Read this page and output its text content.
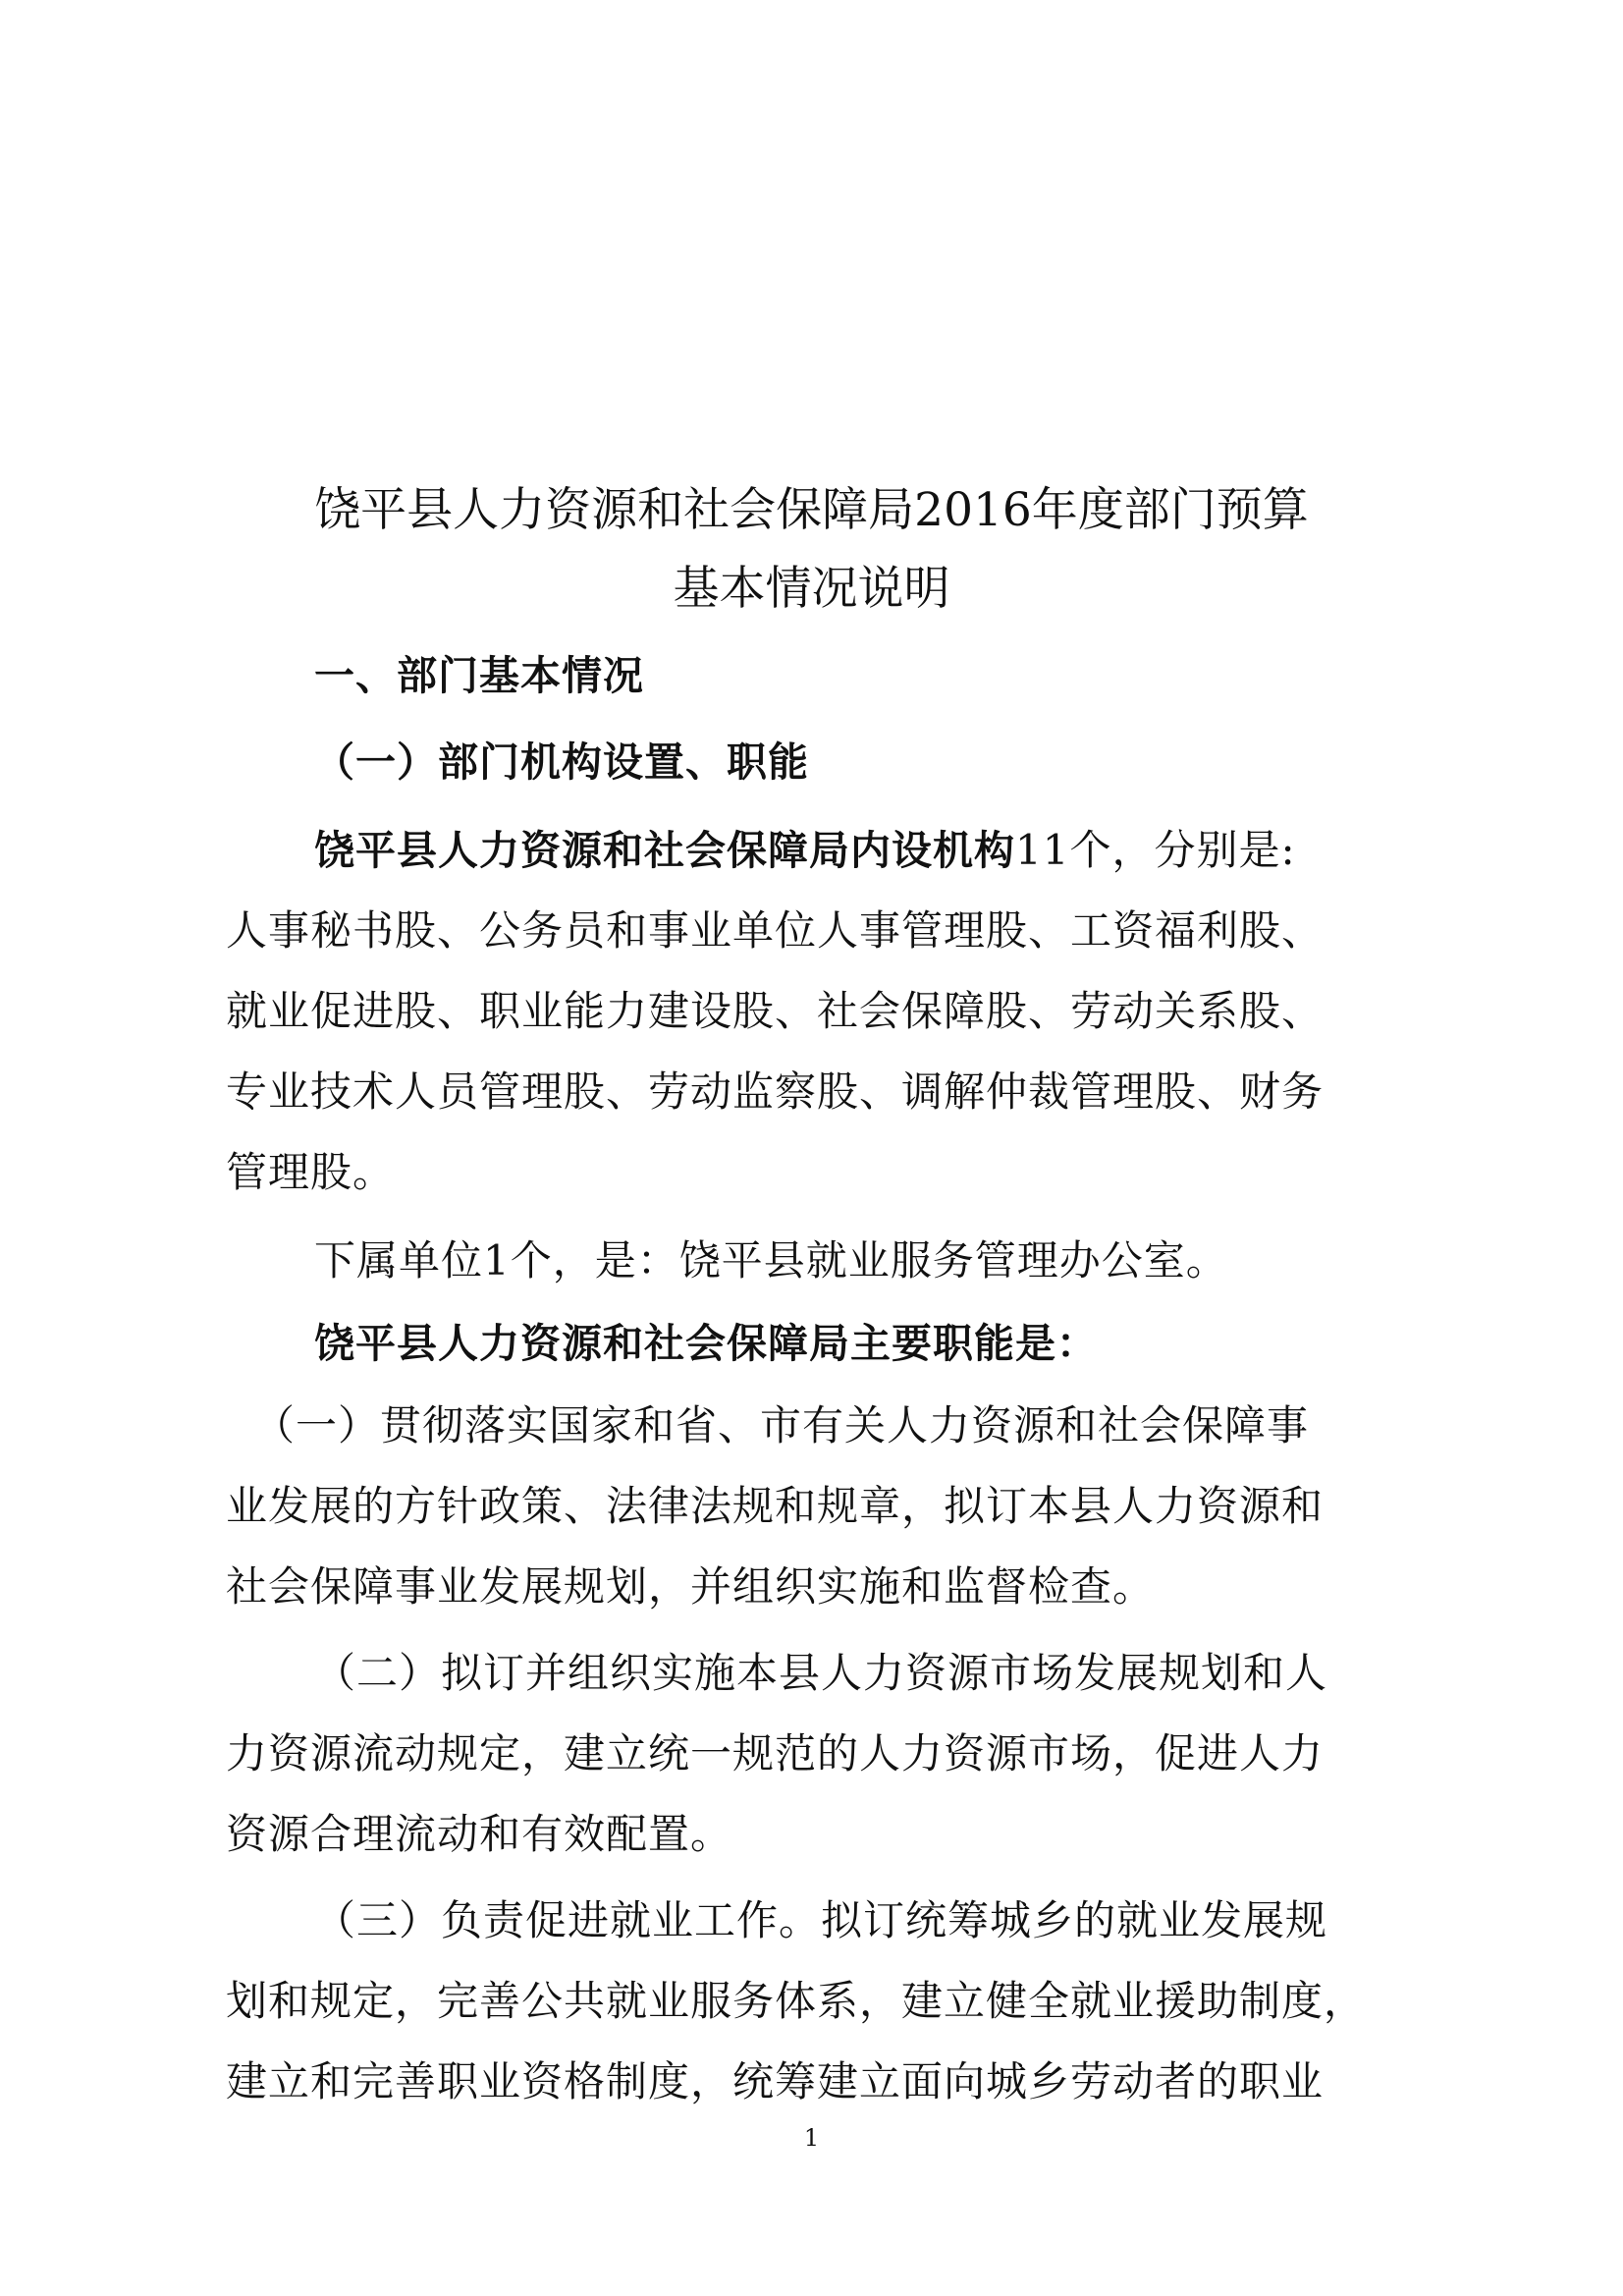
饶平县人力资源和社会保障局2016年度部门预算
基本情况说明
一、部门基本情况
（一）部门机构设置、职能
饶平县人力资源和社会保障局内设机构11个，分别是:
人事秘书股、公务员和事业单位人事管理股、工资福利股、
就业促进股、职业能力建设股、社会保障股、劳动关系股、
专业技术人员管理股、劳动监察股、调解仲裁管理股、财务
管理股。
下属单位1个，是：饶平县就业服务管理办公室。
饶平县人力资源和社会保障局主要职能是：
（一）贯彻落实国家和省、市有关人力资源和社会保障事
业发展的方针政策、法律法规和规章，拟订本县人力资源和
社会保障事业发展规划，并组织实施和监督检查。
（二）拟订并组织实施本县人力资源市场发展规划和人
力资源流动规定，建立统一规范的人力资源市场，促进人力
资源合理流动和有效配置。
（三）负责促进就业工作。拟订统筹城乡的就业发展规
划和规定，完善公共就业服务体系，建立健全就业援助制度，
建立和完善职业资格制度，统筹建立面向城乡劳动者的职业
1
